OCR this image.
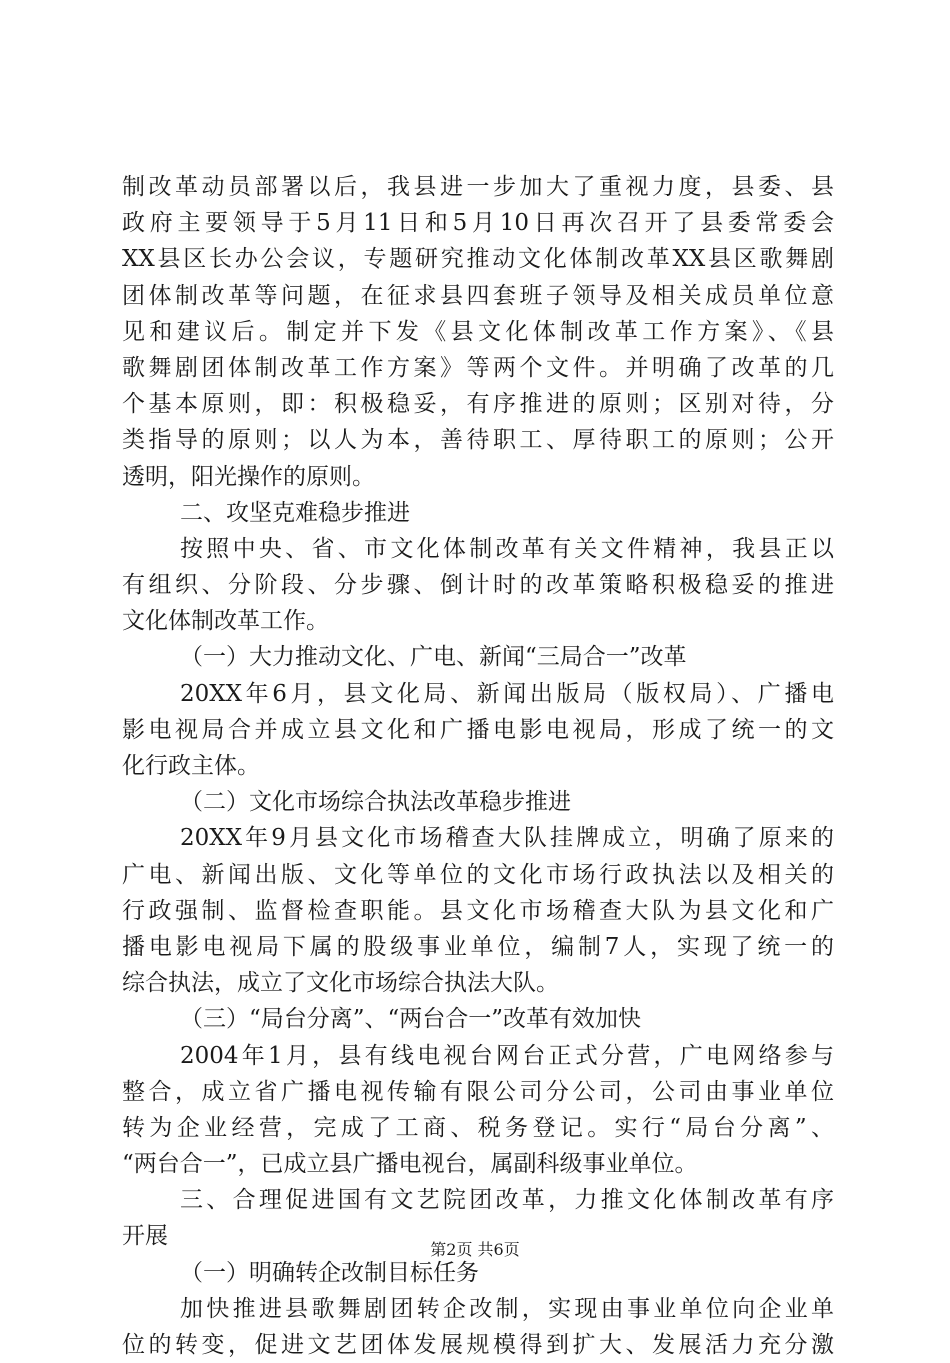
制改革动员部署以后，我县进一步加大了重视力度，县委、县
政府主要领导于5月11日和5月10日再次召开了县委常委会
XX县区长办公会议，专题研究推动文化体制改革XX县区歌舞剧
团体制改革等问题，在征求县四套班子领导及相关成员单位意
见和建议后。制定并下发《县文化体制改革工作方案》、《县
歌舞剧团体制改革工作方案》等两个文件。并明确了改革的几
个基本原则，即：积极稳妥，有序推进的原则；区别对待，分
类指导的原则；以人为本，善待职工、厚待职工的原则；公开
透明，阳光操作的原则。
二、攻坚克难稳步推进
按照中央、省、市文化体制改革有关文件精神，我县正以
有组织、分阶段、分步骤、倒计时的改革策略积极稳妥的推进
文化体制改革工作。
（一）大力推动文化、广电、新闻“三局合一”改革
20XX年6月，县文化局、新闻出版局（版权局）、广播电
影电视局合并成立县文化和广播电影电视局，形成了统一的文
化行政主体。
（二）文化市场综合执法改革稳步推进
20XX年9月县文化市场稽查大队挂牌成立，明确了原来的
广电、新闻出版、文化等单位的文化市场行政执法以及相关的
行政强制、监督检查职能。县文化市场稽查大队为县文化和广
播电影电视局下属的股级事业单位，编制7人，实现了统一的
综合执法，成立了文化市场综合执法大队。
（三）“局台分离”、“两台合一”改革有效加快
2004年1月，县有线电视台网台正式分营，广电网络参与
整合，成立省广播电视传输有限公司分公司，公司由事业单位
转为企业经营，完成了工商、税务登记。实行“局台分离”、
“两台合一”，已成立县广播电视台，属副科级事业单位。
三、合理促进国有文艺院团改革，力推文化体制改革有序
开展
（一）明确转企改制目标任务
加快推进县歌舞剧团转企改制，实现由事业单位向企业单
位的转变，促进文艺团体发展规模得到扩大、发展活力充分激
第2页 共6页
